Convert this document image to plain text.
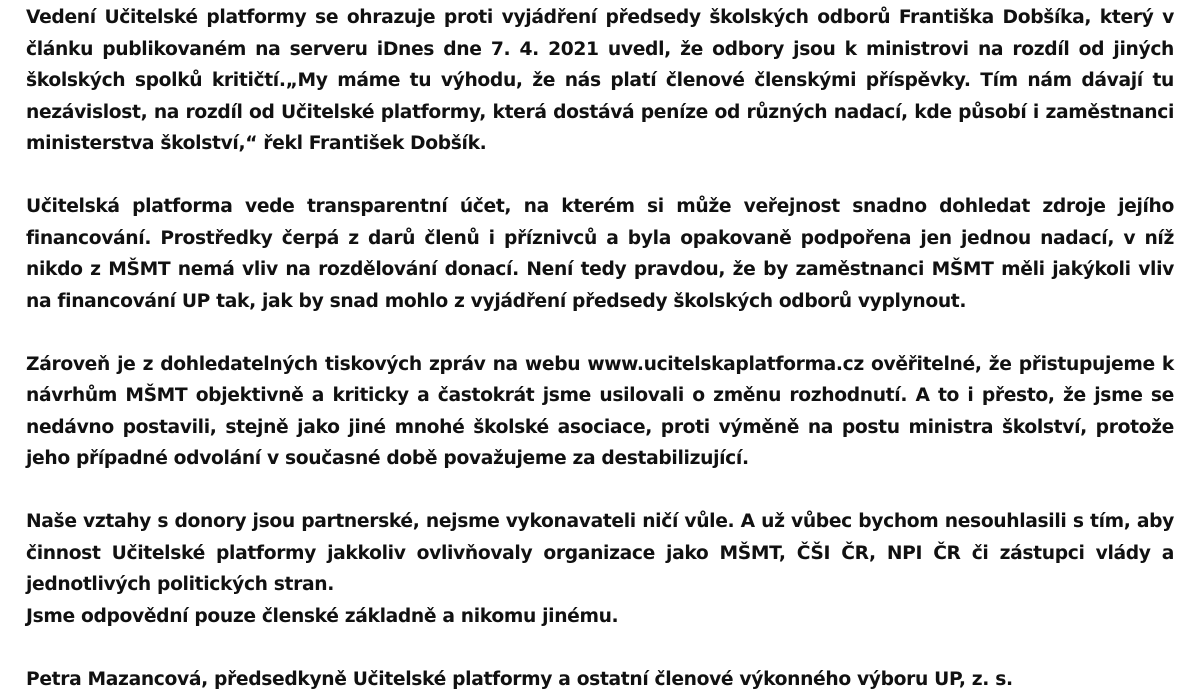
Vedení Učitelské platformy se ohrazuje proti vyjádření předsedy školských odborů Františka Dobšíka, který v článku publikovaném na serveru iDnes dne 7. 4. 2021 uvedl, že odbory jsou k ministrovi na rozdíl od jiných školských spolků kritičtí.„My máme tu výhodu, že nás platí členové členskými příspěvky. Tím nám dávají tu nezávislost, na rozdíl od Učitelské platformy, která dostává peníze od různých nadací, kde působí i zaměstnanci ministerstva školství,“ řekl František Dobšík.

Učitelská platforma vede transparentní účet, na kterém si může veřejnost snadno dohledat zdroje jejího financování. Prostředky čerpá z darů členů i příznivců a byla opakovaně podpořena jen jednou nadací, v níž nikdo z MŠMT nemá vliv na rozdělování donací. Není tedy pravdou, že by zaměstnanci MŠMT měli jakýkoli vliv na financování UP tak, jak by snad mohlo z vyjádření předsedy školských odborů vyplynout.

Zároveň je z dohledatelných tiskových zpráv na webu www.ucitelskaplatforma.cz ověřitelné, že přistupujeme k návrhům MŠMT objektivně a kriticky a častokrát jsme usilovali o změnu rozhodnutí. A to i přesto, že jsme se nedávno postavili, stejně jako jiné mnohé školské asociace, proti výměně na postu ministra školství, protože jeho případné odvolání v současné době považujeme za destabilizující.

Naše vztahy s donory jsou partnerské, nejsme vykonavateli ničí vůle. A už vůbec bychom nesouhlasili s tím, aby činnost Učitelské platformy jakkoliv ovlivňovaly organizace jako MŠMT, ČŠI ČR, NPI ČR či zástupci vlády a jednotlivých politických stran.

Jsme odpovědní pouze členské základně a nikomu jinému.

Petra Mazancová, předsedkyně Učitelské platformy a ostatní členové výkonného výboru UP, z. s.
